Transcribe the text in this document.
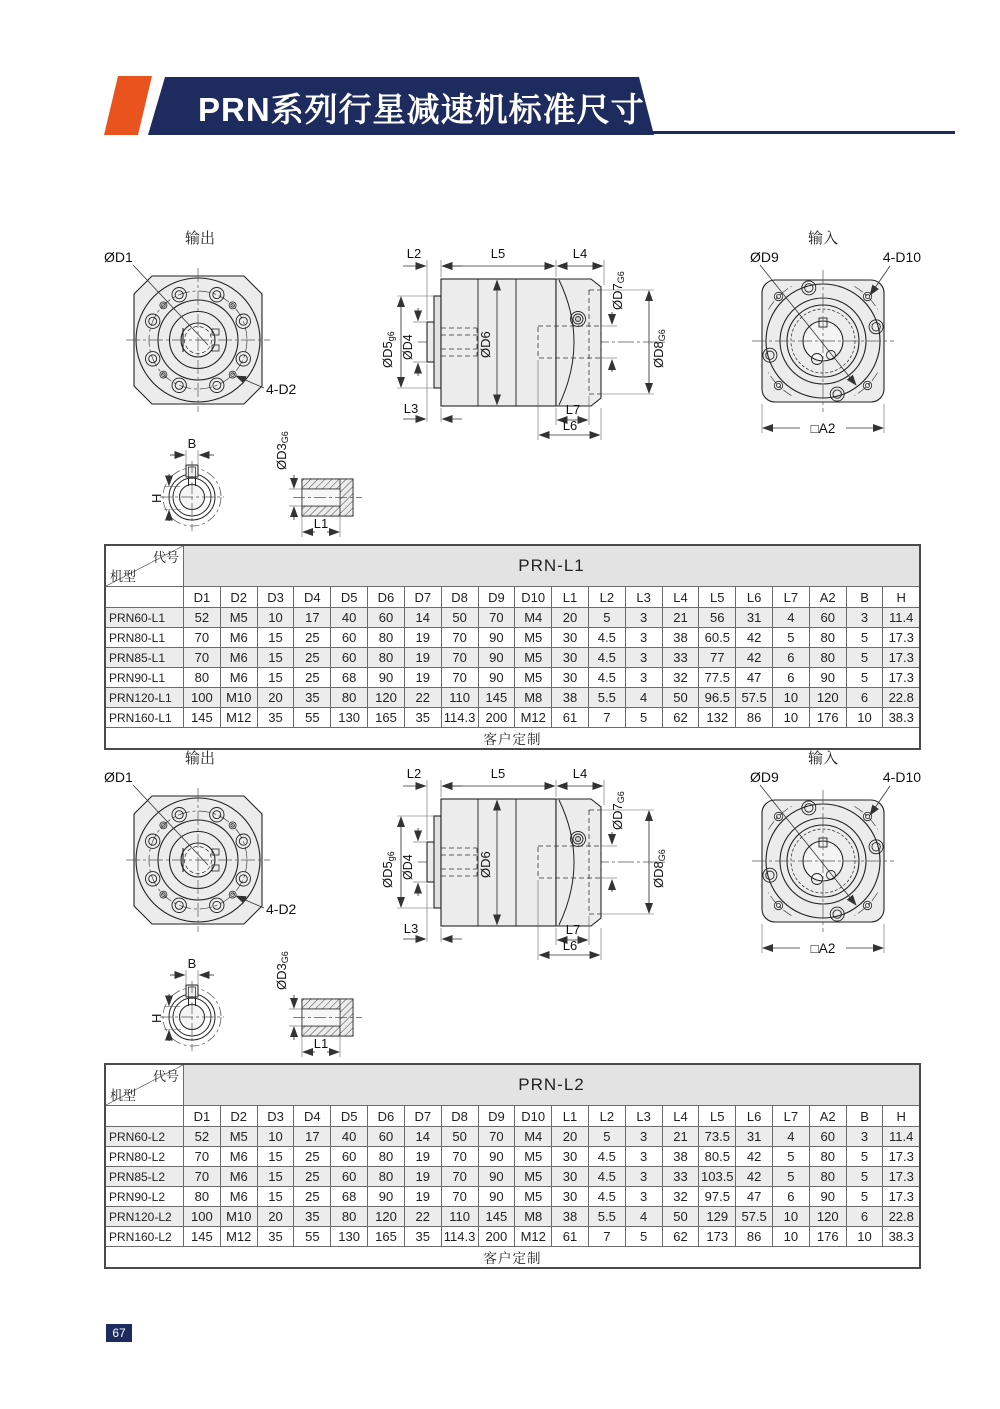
PRN系列行星减速机标准尺寸
代号
机型	PRN-L1																			
	D1	D2	D3	D4	D5	D6	D7	D8	D9	D10	L1	L2	L3	L4	L5	L6	L7	A2	B	H
PRN60-L1	52	M5	10	17	40	60	14	50	70	M4	20	5	3	21	56	31	4	60	3	11.4
PRN80-L1	70	M6	15	25	60	80	19	70	90	M5	30	4.5	3	38	60.5	42	5	80	5	17.3
PRN85-L1	70	M6	15	25	60	80	19	70	90	M5	30	4.5	3	33	77	42	6	80	5	17.3
PRN90-L1	80	M6	15	25	68	90	19	70	90	M5	30	4.5	3	32	77.5	47	6	90	5	17.3
PRN120-L1	100	M10	20	35	80	120	22	110	145	M8	38	5.5	4	50	96.5	57.5	10	120	6	22.8
PRN160-L1	145	M12	35	55	130	165	35	114.3	200	M12	61	7	5	62	132	86	10	176	10	38.3
客户定制																				
代号
机型	PRN-L2																			
	D1	D2	D3	D4	D5	D6	D7	D8	D9	D10	L1	L2	L3	L4	L5	L6	L7	A2	B	H
PRN60-L2	52	M5	10	17	40	60	14	50	70	M4	20	5	3	21	73.5	31	4	60	3	11.4
PRN80-L2	70	M6	15	25	60	80	19	70	90	M5	30	4.5	3	38	80.5	42	5	80	5	17.3
PRN85-L2	70	M6	15	25	60	80	19	70	90	M5	30	4.5	3	33	103.5	42	5	80	5	17.3
PRN90-L2	80	M6	15	25	68	90	19	70	90	M5	30	4.5	3	32	97.5	47	6	90	5	17.3
PRN120-L2	100	M10	20	35	80	120	22	110	145	M8	38	5.5	4	50	129	57.5	10	120	6	22.8
PRN160-L2	145	M12	35	55	130	165	35	114.3	200	M12	61	7	5	62	173	86	10	176	10	38.3
客户定制																				
67
